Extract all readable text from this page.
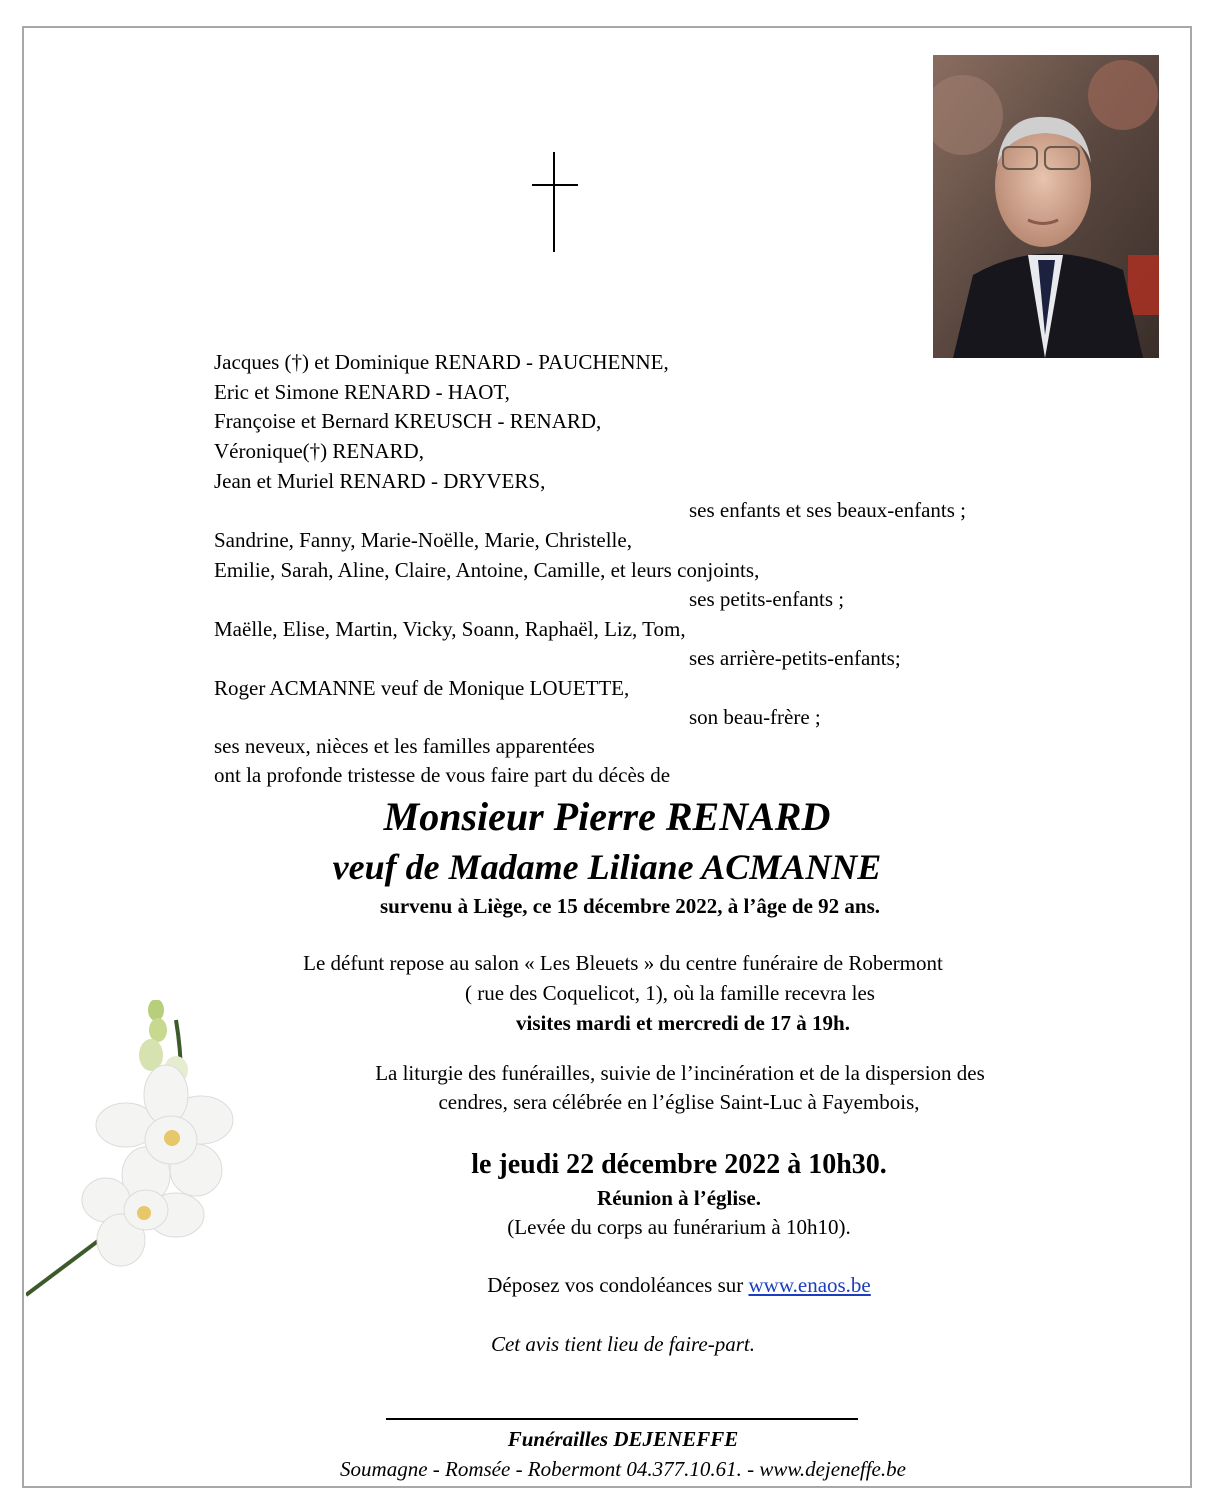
Jacques (†) et Dominique RENARD - PAUCHENNE,
Eric et Simone RENARD - HAOT,
Françoise et Bernard KREUSCH - RENARD,
Véronique(†) RENARD,
Jean et Muriel RENARD - DRYVERS,
ses enfants et ses beaux-enfants ;
Sandrine, Fanny, Marie-Noëlle, Marie, Christelle,
Emilie, Sarah, Aline, Claire, Antoine, Camille, et leurs conjoints,
ses petits-enfants ;
Maëlle, Elise, Martin, Vicky, Soann, Raphaël, Liz, Tom,
ses arrière-petits-enfants;
Roger ACMANNE veuf de Monique LOUETTE,
son beau-frère ;
ses neveux, nièces et les familles apparentées
ont la profonde tristesse de vous faire part du décès de
Monsieur Pierre RENARD
veuf de Madame Liliane ACMANNE
survenu à Liège, ce 15 décembre 2022, à l’âge de 92 ans.
Le défunt repose au salon « Les Bleuets » du centre funéraire de Robermont
( rue des Coquelicot, 1), où la famille recevra les
visites mardi et mercredi de 17 à 19h.
La liturgie des funérailles, suivie de l’incinération et de la dispersion des
cendres, sera célébrée en l’église Saint-Luc à Fayembois,
le jeudi 22 décembre 2022 à 10h30.
Réunion à l’église.
(Levée du corps au funérarium à 10h10).
Déposez vos condoléances sur www.enaos.be
Cet avis tient lieu de faire-part.
Funérailles DEJENEFFE
Soumagne - Romsée - Robermont 04.377.10.61. - www.dejeneffe.be
